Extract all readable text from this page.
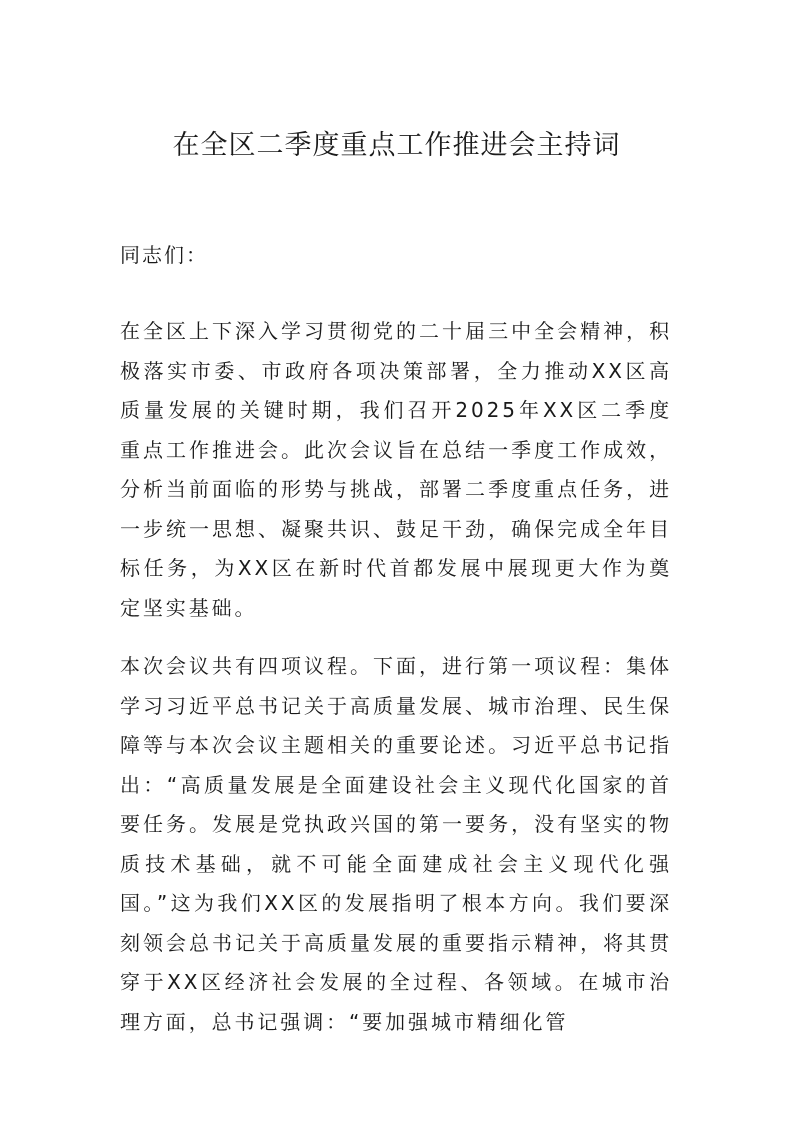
在全区二季度重点工作推进会主持词

同志们：

在全区上下深入学习贯彻党的二十届三中全会精神，积极落实市委、市政府各项决策部署，全力推动XX区高质量发展的关键时期，我们召开2025年XX区二季度重点工作推进会。此次会议旨在总结一季度工作成效，分析当前面临的形势与挑战，部署二季度重点任务，进一步统一思想、凝聚共识、鼓足干劲，确保完成全年目标任务，为XX区在新时代首都发展中展现更大作为奠定坚实基础。

本次会议共有四项议程。下面，进行第一项议程：集体学习习近平总书记关于高质量发展、城市治理、民生保障等与本次会议主题相关的重要论述。习近平总书记指出：“高质量发展是全面建设社会主义现代化国家的首要任务。发展是党执政兴国的第一要务，没有坚实的物质技术基础，就不可能全面建成社会主义现代化强国。”这为我们XX区的发展指明了根本方向。我们要深刻领会总书记关于高质量发展的重要指示精神，将其贯穿于XX区经济社会发展的全过程、各领域。在城市治理方面，总书记强调：“要加强城市精细化管
